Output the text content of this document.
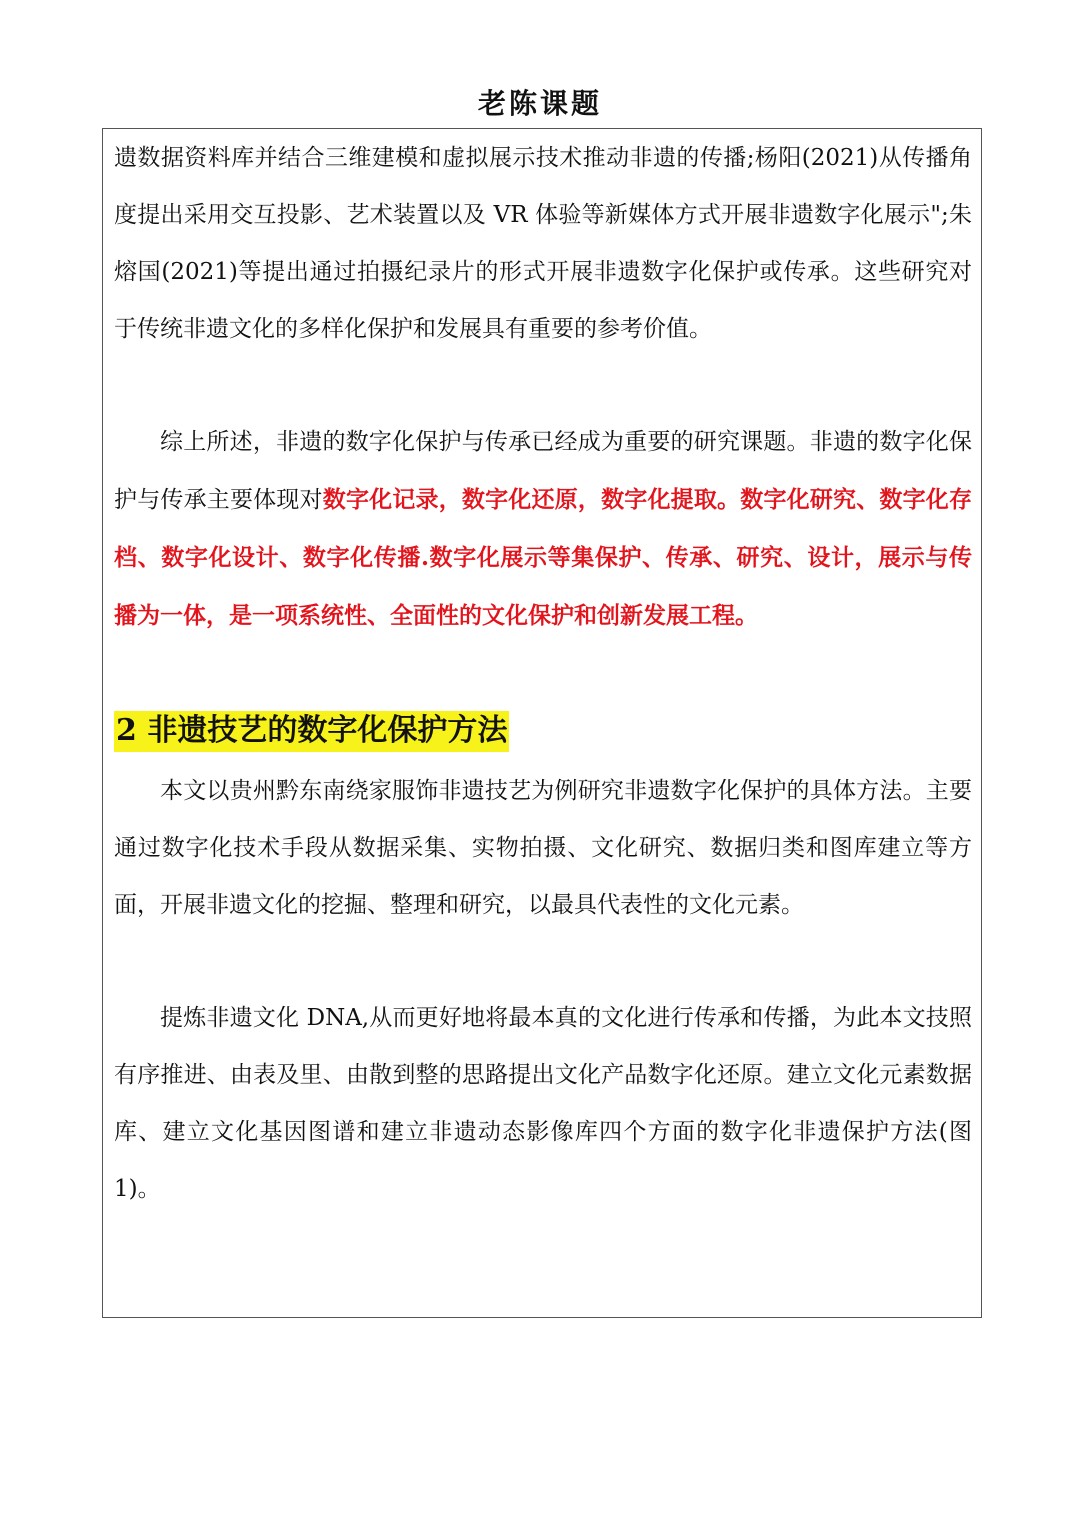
老陈课题

遗数据资料库并结合三维建模和虚拟展示技术推动非遗的传播;杨阳(2021)从传播角度提出采用交互投影、艺术装置以及 VR 体验等新媒体方式开展非遗数字化展示";朱熔国(2021)等提出通过拍摄纪录片的形式开展非遗数字化保护或传承。这些研究对于传统非遗文化的多样化保护和发展具有重要的参考价值。

综上所述，非遗的数字化保护与传承已经成为重要的研究课题。非遗的数字化保护与传承主要体现对数字化记录，数字化还原，数字化提取。数字化研究、数字化存档、数字化设计、数字化传播.数字化展示等集保护、传承、研究、设计，展示与传播为一体，是一项系统性、全面性的文化保护和创新发展工程。

2 非遗技艺的数字化保护方法

本文以贵州黔东南绕家服饰非遗技艺为例研究非遗数字化保护的具体方法。主要通过数字化技术手段从数据采集、实物拍摄、文化研究、数据归类和图库建立等方面，开展非遗文化的挖掘、整理和研究，以最具代表性的文化元素。

提炼非遗文化 DNA,从而更好地将最本真的文化进行传承和传播，为此本文技照有序推进、由表及里、由散到整的思路提出文化产品数字化还原。建立文化元素数据库、建立文化基因图谱和建立非遗动态影像库四个方面的数字化非遗保护方法(图 1)。
